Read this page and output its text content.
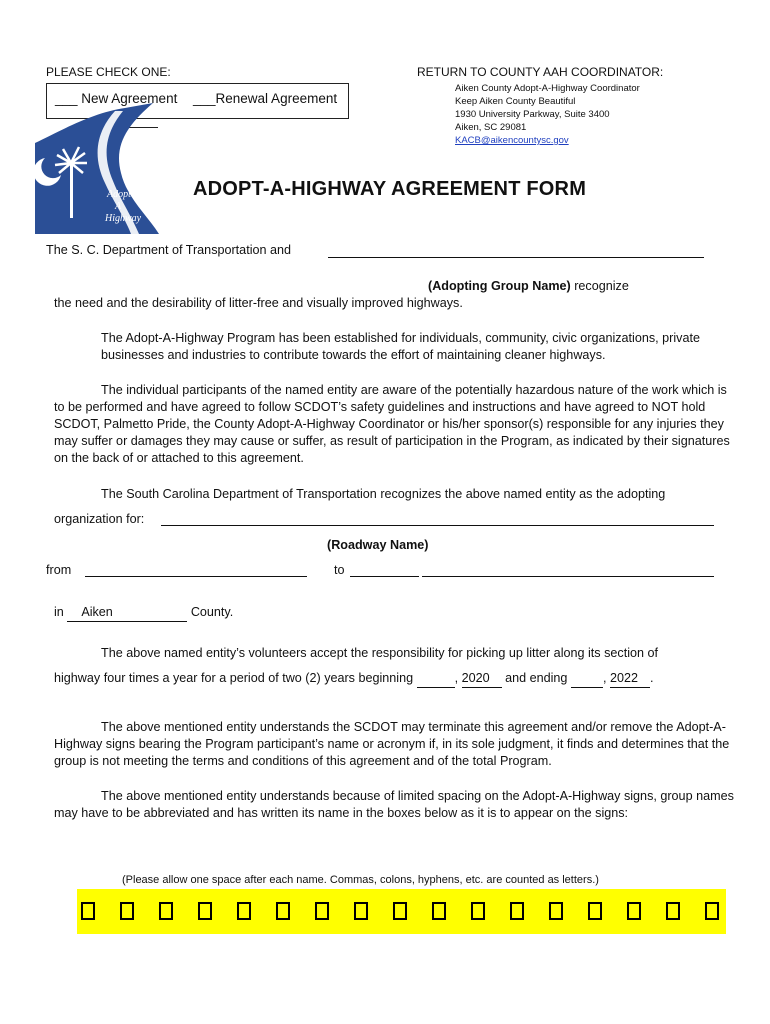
PLEASE CHECK ONE:
___ New Agreement ___Renewal Agreement
RETURN TO COUNTY AAH COORDINATOR:
Aiken County Adopt-A-Highway Coordinator
Keep Aiken County Beautiful
1930 University Parkway, Suite 3400
Aiken, SC 29081
KACB@aikencountysc.gov
Adopt
A
Highway
ADOPT-A-HIGHWAY AGREEMENT FORM
The S. C. Department of Transportation and
(Adopting Group Name) recognize
the need and the desirability of litter-free and visually improved highways.
The Adopt-A-Highway Program has been established for individuals, community, civic organizations, private businesses and industries to contribute towards the effort of maintaining cleaner highways.
The individual participants of the named entity are aware of the potentially hazardous nature of the work which is to be performed and have agreed to follow SCDOT’s safety guidelines and instructions and have agreed to NOT hold SCDOT, Palmetto Pride, the County Adopt-A-Highway Coordinator or his/her sponsor(s) responsible for any injuries they may suffer or damages they may cause or suffer, as result of participation in the Program, as indicated by their signatures on the back of or attached to this agreement.
The South Carolina Department of Transportation recognizes the above named entity as the adopting
organization for:
(Roadway Name)
from	to
in Aiken	County.
The above named entity’s volunteers accept the responsibility for picking up litter along its section of
highway four times a year for a period of two (2) years beginning	, 2020 and ending	, 2022 .
The above mentioned entity understands the SCDOT may terminate this agreement and/or remove the Adopt-A-Highway signs bearing the Program participant’s name or acronym if, in its sole judgment, it finds and determines that the group is not meeting the terms and conditions of this agreement and of the total Program.
The above mentioned entity understands because of limited spacing on the Adopt-A-Highway signs, group names may have to be abbreviated and has written its name in the boxes below as it is to appear on the signs:
(Please allow one space after each name. Commas, colons, hyphens, etc. are counted as letters.)
